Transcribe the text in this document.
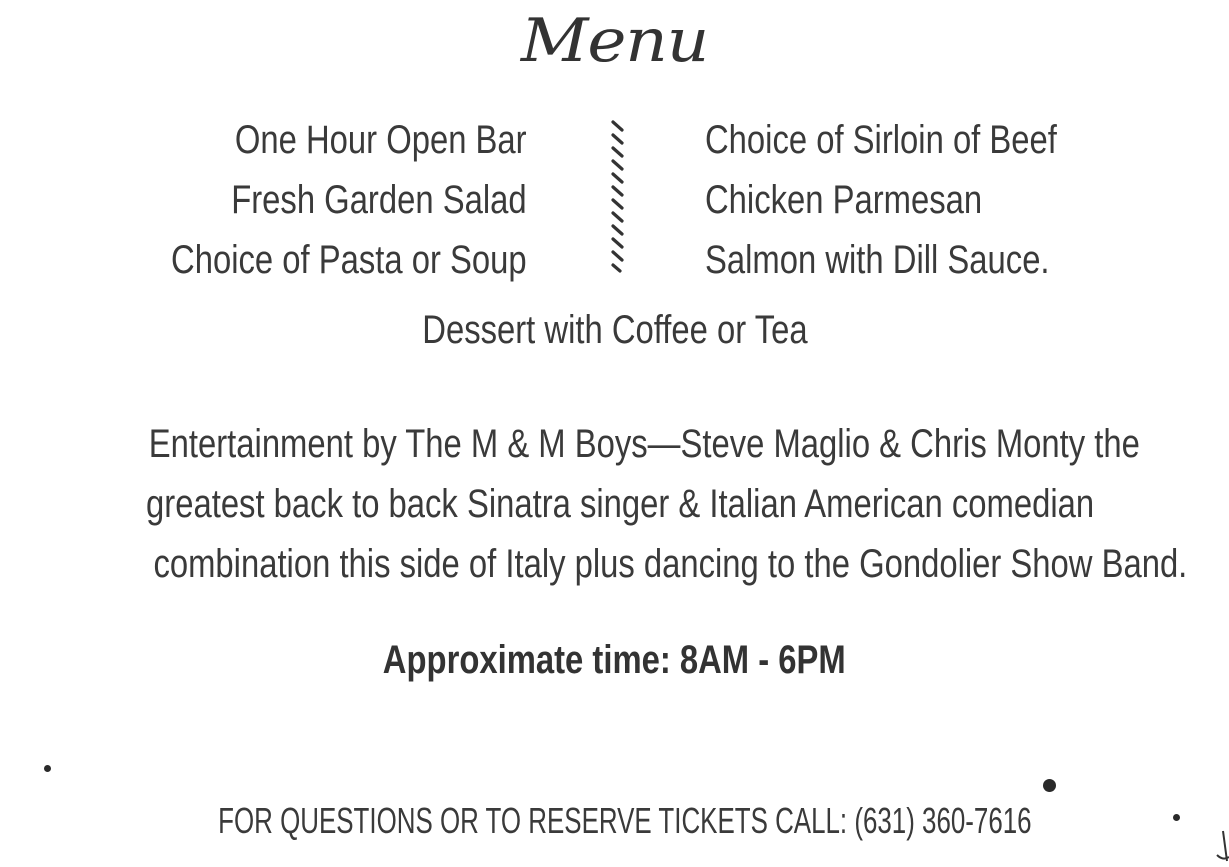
Menu
One Hour Open Bar
Fresh Garden Salad
Choice of Pasta or Soup
Choice of Sirloin of Beef
Chicken Parmesan
Salmon with Dill Sauce.
Dessert with Coffee or Tea
Entertainment by The M & M Boys—Steve Maglio & Chris Monty the
greatest back to back Sinatra singer & Italian American comedian
combination this side of Italy plus dancing to the Gondolier Show Band.
Approximate time: 8AM - 6PM
FOR QUESTIONS OR TO RESERVE TICKETS CALL: (631) 360-7616
